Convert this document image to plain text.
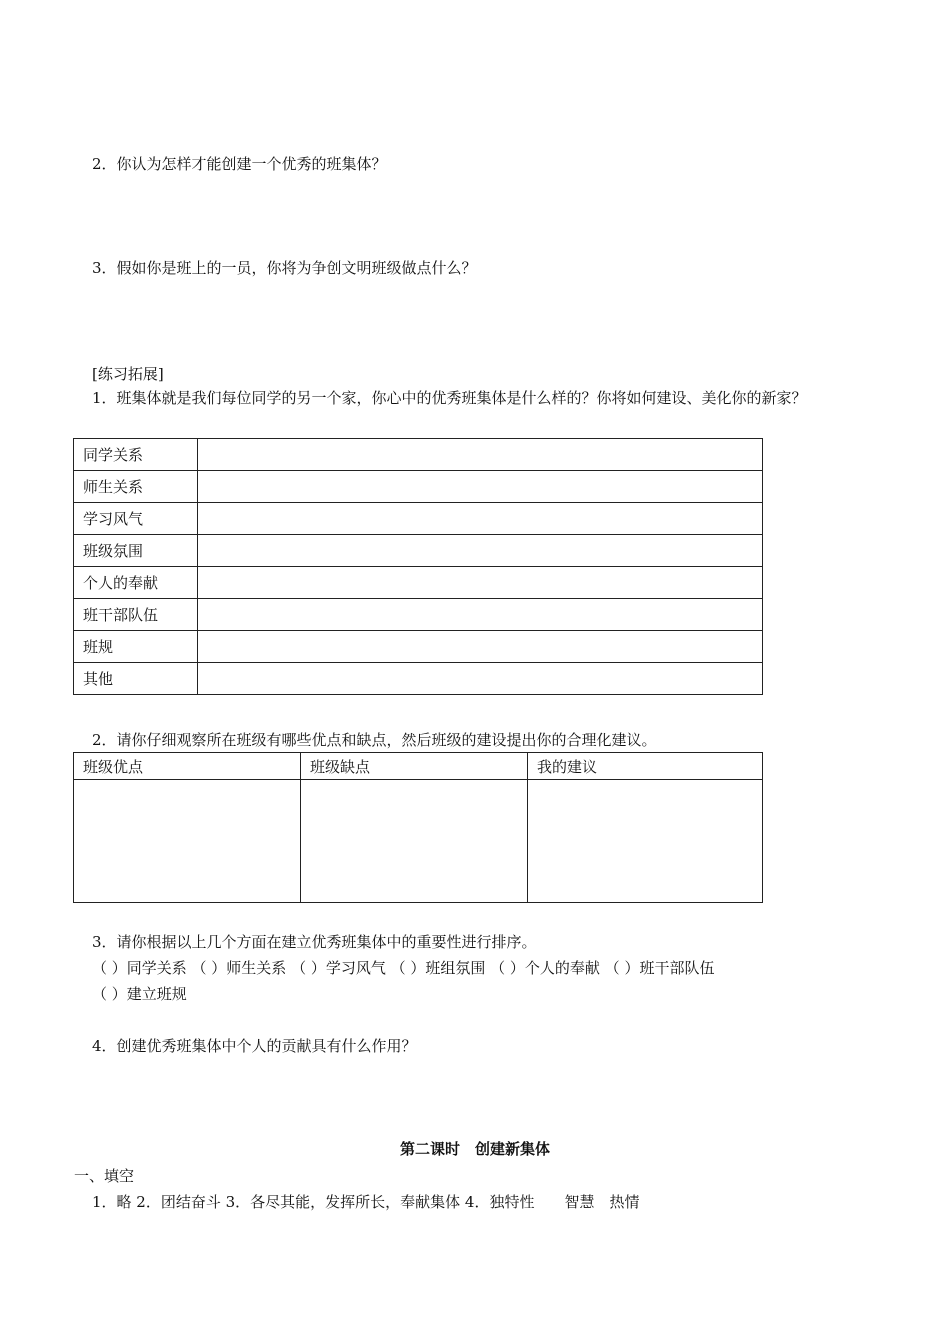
2．你认为怎样才能创建一个优秀的班集体？
3．假如你是班上的一员，你将为争创文明班级做点什么？
[练习拓展]
1．班集体就是我们每位同学的另一个家，你心中的优秀班集体是什么样的？你将如何建设、美化你的新家？
同学关系	
师生关系	
学习风气	
班级氛围	
个人的奉献	
班干部队伍	
班规	
其他	
2．请你仔细观察所在班级有哪些优点和缺点，然后班级的建设提出你的合理化建议。
班级优点	班级缺点	我的建议

3．请你根据以上几个方面在建立优秀班集体中的重要性进行排序。
（ ）同学关系 （ ）师生关系 （ ）学习风气 （ ）班组氛围 （ ）个人的奉献 （ ）班干部队伍
（ ）建立班规
4．创建优秀班集体中个人的贡献具有什么作用？
第二课时　创建新集体
一、填空
1．略 2．团结奋斗 3．各尽其能，发挥所长，奉献集体 4．独特性　　智慧　热情
